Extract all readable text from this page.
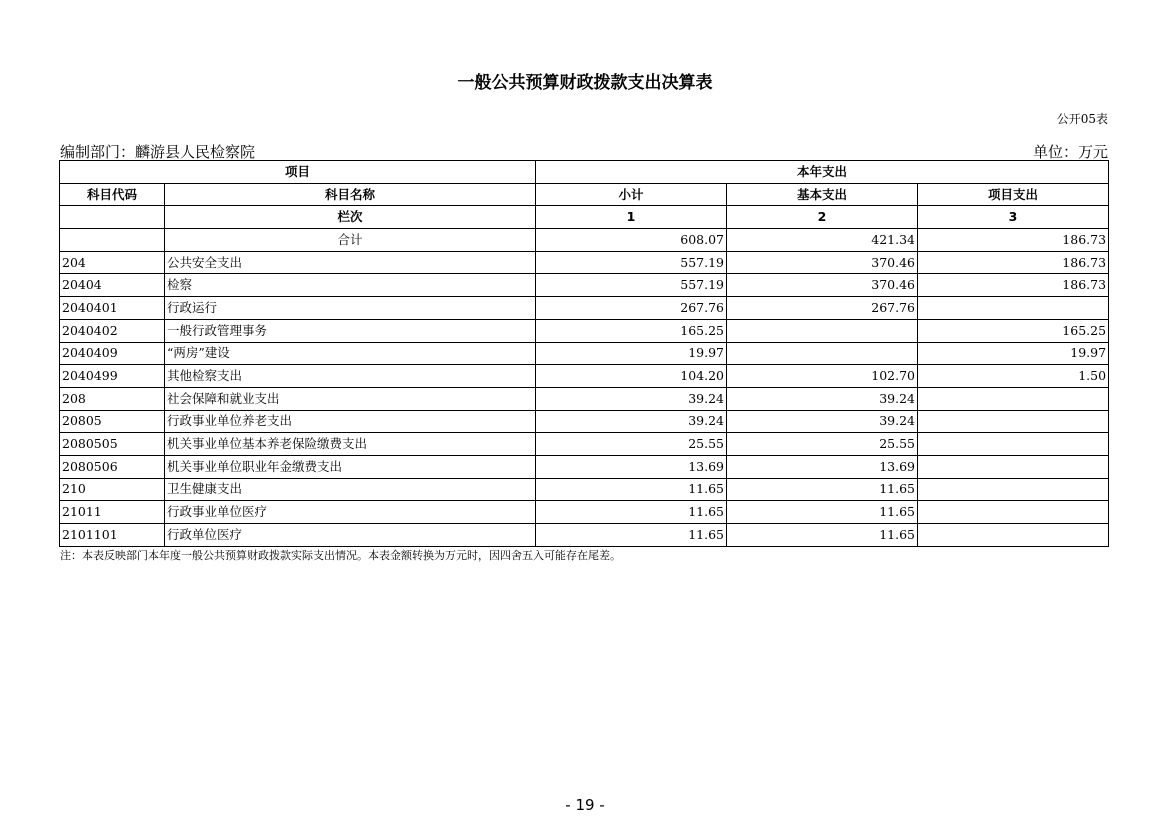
一般公共预算财政拨款支出决算表
公开05表
编制部门：麟游县人民检察院	单位：万元
项目		本年支出		
科目代码	科目名称	小计	基本支出	项目支出
	栏次	1	2	3
	合计	608.07	421.34	186.73
204	公共安全支出	557.19	370.46	186.73
20404	检察	557.19	370.46	186.73
2040401	行政运行	267.76	267.76	
2040402	一般行政管理事务	165.25		165.25
2040409	“两房”建设	19.97		19.97
2040499	其他检察支出	104.20	102.70	1.50
208	社会保障和就业支出	39.24	39.24	
20805	行政事业单位养老支出	39.24	39.24	
2080505	机关事业单位基本养老保险缴费支出	25.55	25.55	
2080506	机关事业单位职业年金缴费支出	13.69	13.69	
210	卫生健康支出	11.65	11.65	
21011	行政事业单位医疗	11.65	11.65	
2101101	行政单位医疗	11.65	11.65	
注：本表反映部门本年度一般公共预算财政拨款实际支出情况。本表金额转换为万元时，因四舍五入可能存在尾差。
- 19 -
